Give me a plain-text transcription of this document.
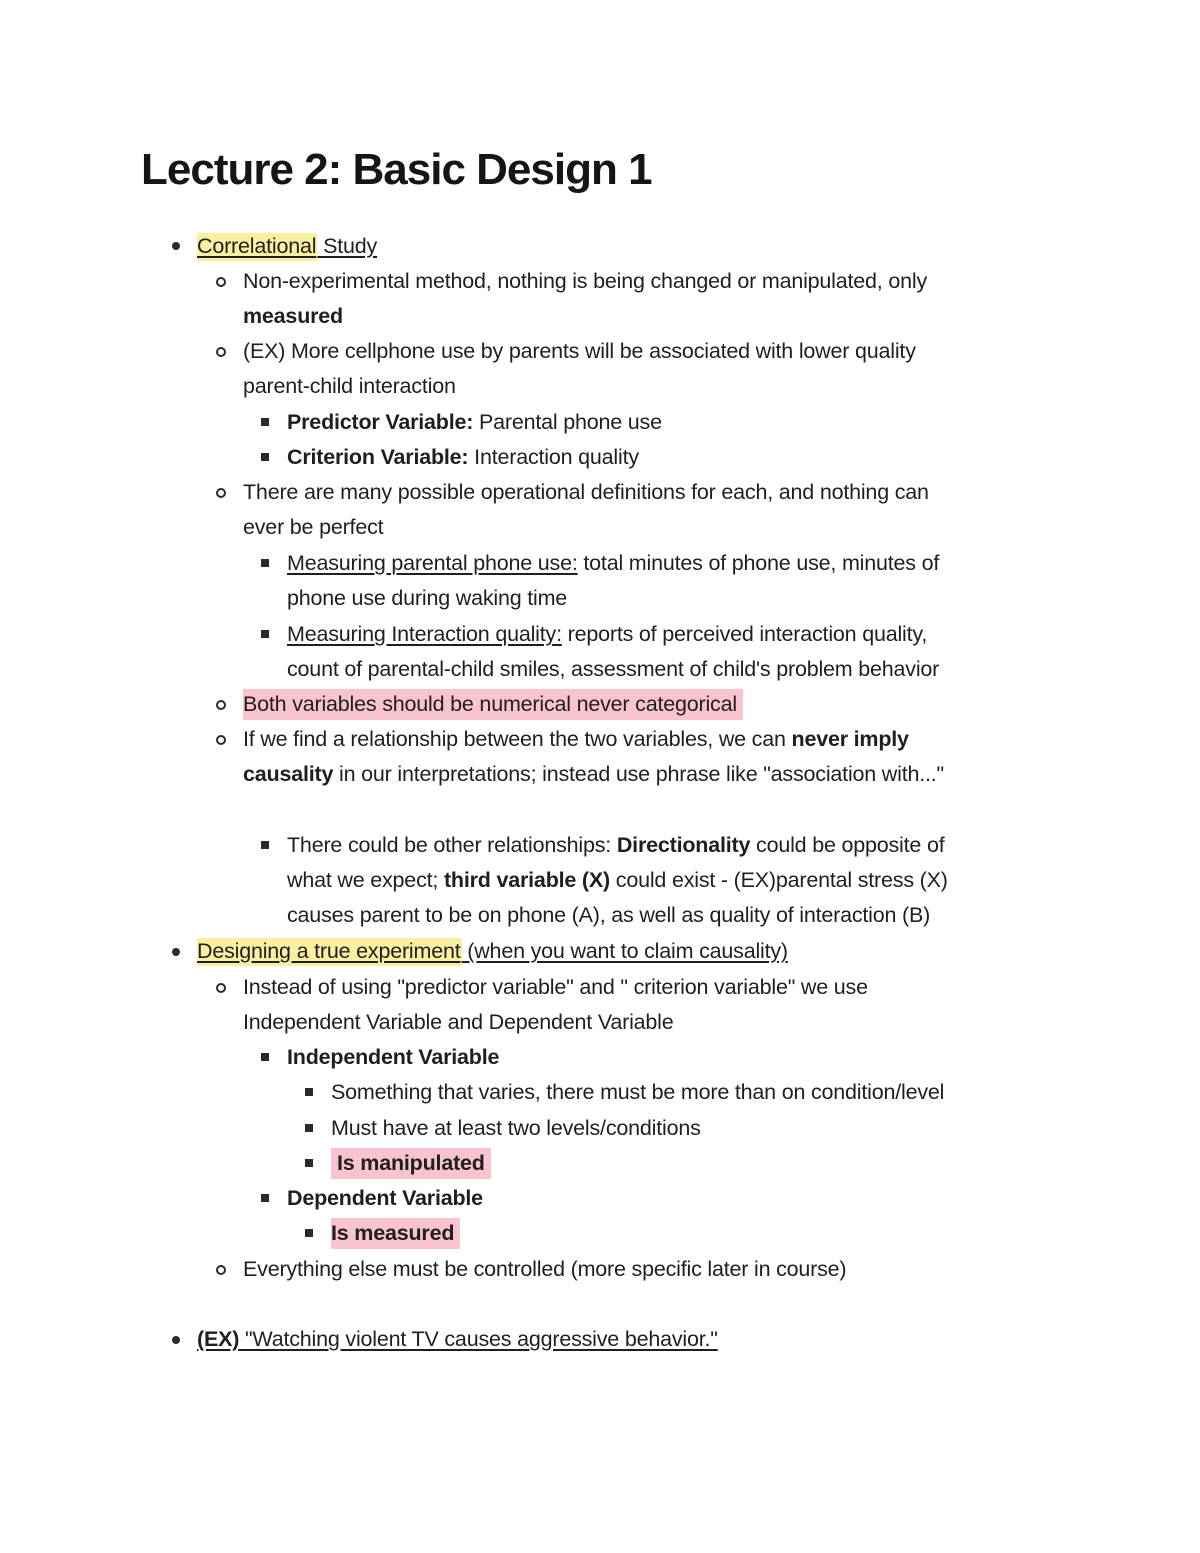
Lecture 2: Basic Design 1
Correlational Study
Non-experimental method, nothing is being changed or manipulated, only
measured
(EX) More cellphone use by parents will be associated with lower quality
parent-child interaction
Predictor Variable: Parental phone use
Criterion Variable: Interaction quality
There are many possible operational definitions for each, and nothing can
ever be perfect
Measuring parental phone use: total minutes of phone use, minutes of
phone use during waking time
Measuring Interaction quality: reports of perceived interaction quality,
count of parental-child smiles, assessment of child's problem behavior
Both variables should be numerical never categorical
If we find a relationship between the two variables, we can never imply
causality in our interpretations; instead use phrase like "association with..."
There could be other relationships: Directionality could be opposite of
what we expect; third variable (X) could exist - (EX)parental stress (X)
causes parent to be on phone (A), as well as quality of interaction (B)
Designing a true experiment (when you want to claim causality)
Instead of using "predictor variable" and " criterion variable" we use
Independent Variable and Dependent Variable
Independent Variable
Something that varies, there must be more than on condition/level
Must have at least two levels/conditions
Is manipulated
Dependent Variable
Is measured
Everything else must be controlled (more specific later in course)
(EX) "Watching violent TV causes aggressive behavior."
